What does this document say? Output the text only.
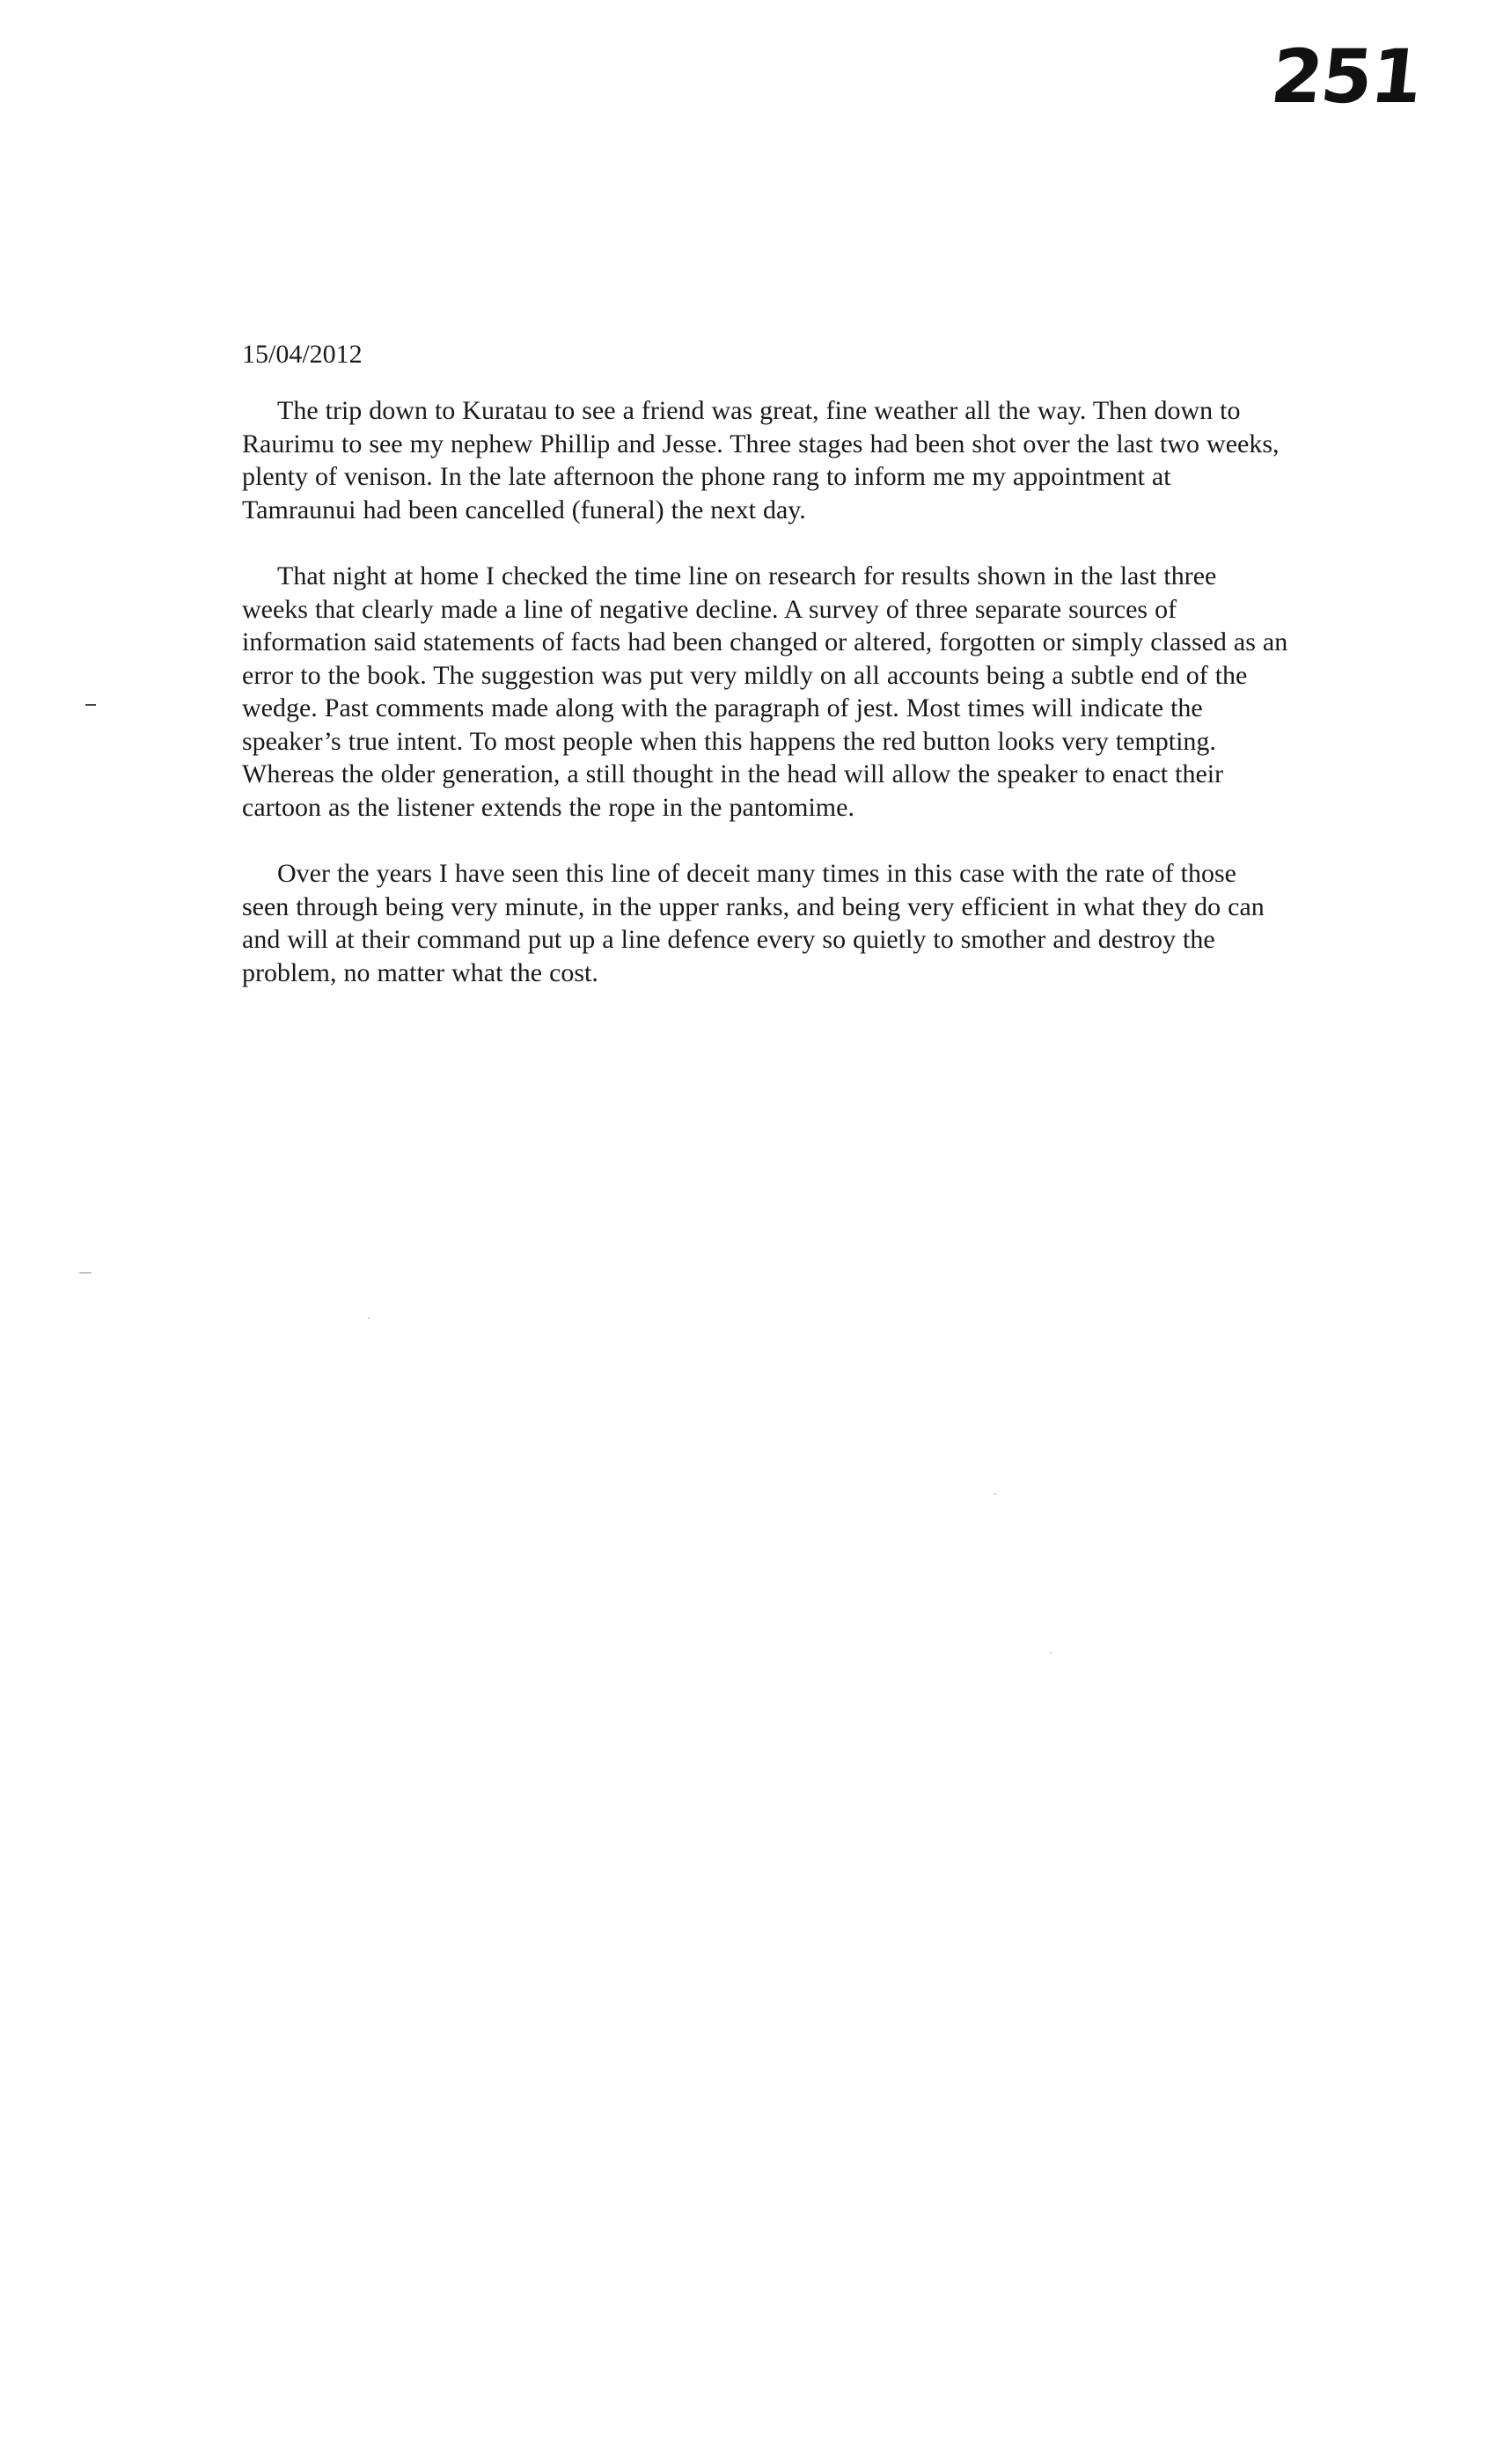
251
15/04/2012

The trip down to Kuratau to see a friend was great, fine weather all the way. Then down to Raurimu to see my nephew Phillip and Jesse. Three stages had been shot over the last two weeks, plenty of venison. In the late afternoon the phone rang to inform me my appointment at Tamraunui had been cancelled (funeral) the next day.

That night at home I checked the time line on research for results shown in the last three weeks that clearly made a line of negative decline. A survey of three separate sources of information said statements of facts had been changed or altered, forgotten or simply classed as an error to the book. The suggestion was put very mildly on all accounts being a subtle end of the wedge. Past comments made along with the paragraph of jest. Most times will indicate the speaker’s true intent. To most people when this happens the red button looks very tempting. Whereas the older generation, a still thought in the head will allow the speaker to enact their cartoon as the listener extends the rope in the pantomime.

Over the years I have seen this line of deceit many times in this case with the rate of those seen through being very minute, in the upper ranks, and being very efficient in what they do can and will at their command put up a line defence every so quietly to smother and destroy the problem, no matter what the cost.
